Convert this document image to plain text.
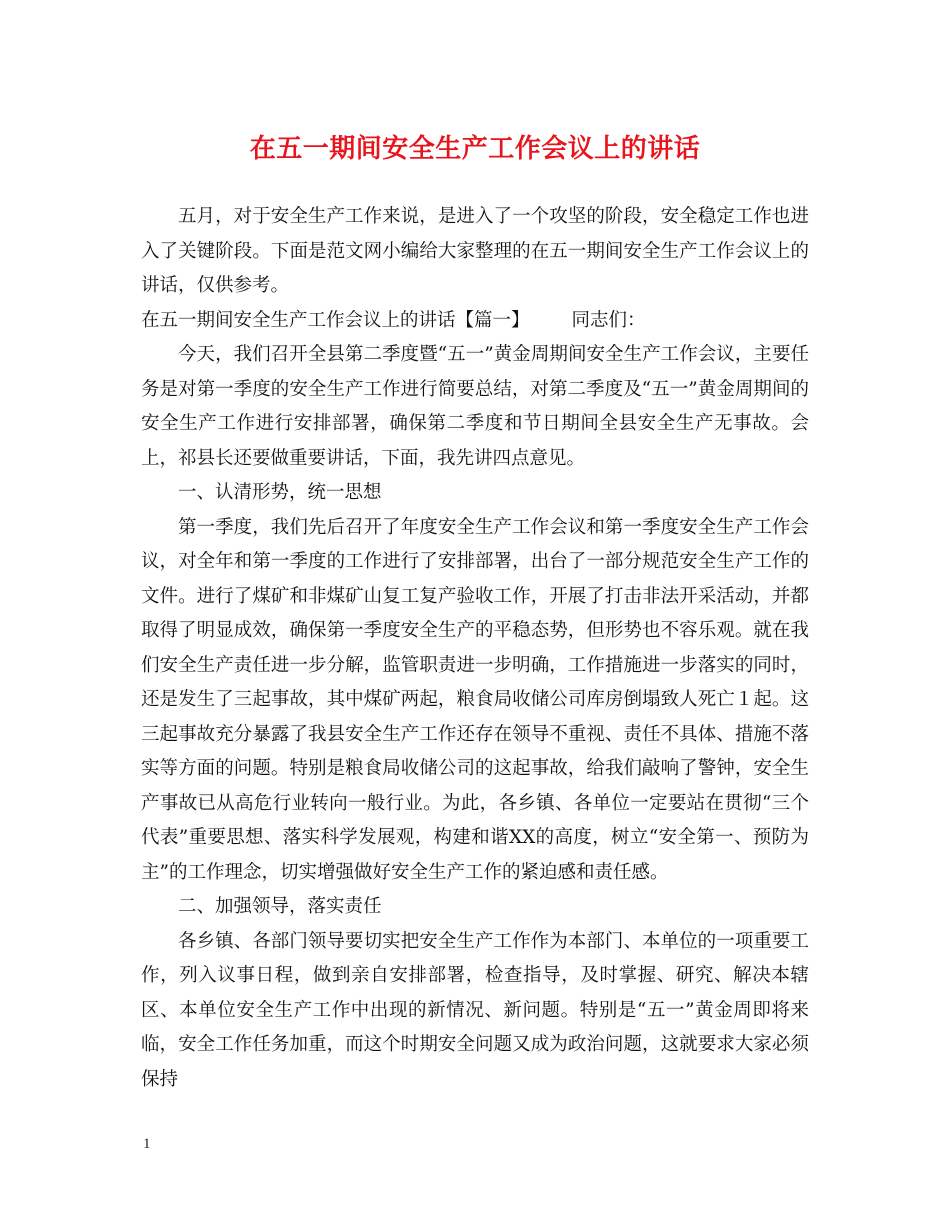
在五一期间安全生产工作会议上的讲话

五月，对于安全生产工作来说，是进入了一个攻坚的阶段，安全稳定工作也进入了关键阶段。下面是范文网小编给大家整理的在五一期间安全生产工作会议上的讲话，仅供参考。

在五一期间安全生产工作会议上的讲话【篇一】 同志们：

今天，我们召开全县第二季度暨“五一”黄金周期间安全生产工作会议，主要任务是对第一季度的安全生产工作进行简要总结，对第二季度及“五一”黄金周期间的安全生产工作进行安排部署，确保第二季度和节日期间全县安全生产无事故。会上，祁县长还要做重要讲话，下面，我先讲四点意见。

一、认清形势，统一思想

第一季度，我们先后召开了年度安全生产工作会议和第一季度安全生产工作会议，对全年和第一季度的工作进行了安排部署，出台了一部分规范安全生产工作的文件。进行了煤矿和非煤矿山复工复产验收工作，开展了打击非法开采活动，并都取得了明显成效，确保第一季度安全生产的平稳态势，但形势也不容乐观。就在我们安全生产责任进一步分解，监管职责进一步明确，工作措施进一步落实的同时，还是发生了三起事故，其中煤矿两起，粮食局收储公司库房倒塌致人死亡１起。这三起事故充分暴露了我县安全生产工作还存在领导不重视、责任不具体、措施不落实等方面的问题。特别是粮食局收储公司的这起事故，给我们敲响了警钟，安全生产事故已从高危行业转向一般行业。为此，各乡镇、各单位一定要站在贯彻“三个代表”重要思想、落实科学发展观，构建和谐XX的高度，树立“安全第一、预防为主”的工作理念，切实增强做好安全生产工作的紧迫感和责任感。

二、加强领导，落实责任

各乡镇、各部门领导要切实把安全生产工作作为本部门、本单位的一项重要工作，列入议事日程，做到亲自安排部署，检查指导，及时掌握、研究、解决本辖区、本单位安全生产工作中出现的新情况、新问题。特别是“五一”黄金周即将来临，安全工作任务加重，而这个时期安全问题又成为政治问题，这就要求大家必须保持

1
